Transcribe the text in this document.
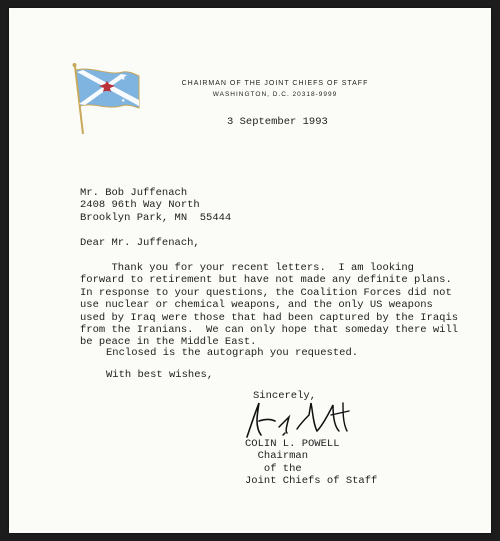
★
★
★
★
CHAIRMAN OF THE JOINT CHIEFS OF STAFF
WASHINGTON, D.C. 20318-9999
3 September 1993
Mr. Bob Juffenach
2408 96th Way North
Brooklyn Park, MN  55444
Dear Mr. Juffenach,
Thank you for your recent letters.  I am looking
forward to retirement but have not made any definite plans.
In response to your questions, the Coalition Forces did not
use nuclear or chemical weapons, and the only US weapons
used by Iraq were those that had been captured by the Iraqis
from the Iranians.  We can only hope that someday there will
be peace in the Middle East.
Enclosed is the autograph you requested.
With best wishes,
Sincerely,
COLIN L. POWELL
Chairman
of the
Joint Chiefs of Staff
